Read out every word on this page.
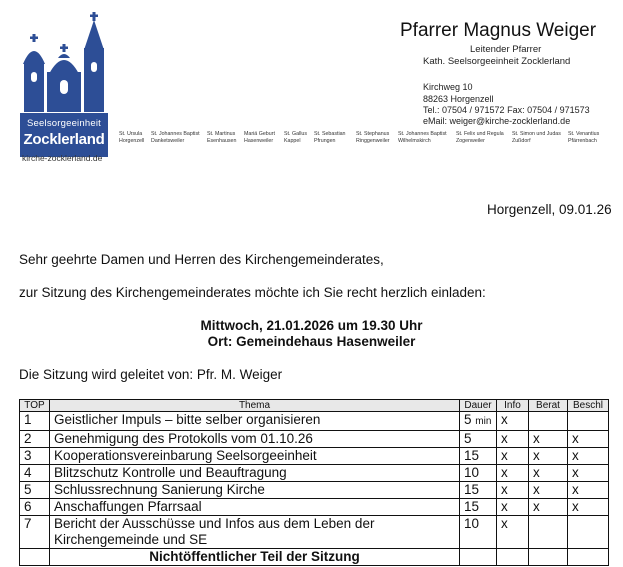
Seelsorgeeinheit
Zocklerland
kirche-zocklerland.de
St. Ursula
Horgenzell
St. Johannes Baptist
Danketsweiler
St. Martinus
Esenhausen
Mariä Geburt
Hasenweiler
St. Gallus
Kappel
St. Sebastian
Pfrungen
St. Stephanus
Ringgenweiler
St. Johannes Baptist
Wilhelmskirch
St. Felix und Regula
Zogenweiler
St. Simon und Judas
Zußdorf
St. Venantius
Pfärrenbach
Pfarrer Magnus Weiger
Leitender Pfarrer
Kath. Seelsorgeeinheit Zocklerland
Kirchweg 10
88263 Horgenzell
Tel.: 07504 / 971572 Fax: 07504 / 971573
eMail: weiger@kirche-zocklerland.de
Horgenzell, 09.01.26
Sehr geehrte Damen und Herren des Kirchengemeinderates,
zur Sitzung des Kirchengemeinderates möchte ich Sie recht herzlich einladen:
Mittwoch, 21.01.2026 um 19.30 Uhr
Ort: Gemeindehaus Hasenweiler
Die Sitzung wird geleitet von: Pfr. M. Weiger
TOP	Thema	Dauer	Info	Berat	Beschl
1	Geistlicher Impuls – bitte selber organisieren	5 min	x		
2	Genehmigung des Protokolls vom 01.10.26	5	x	x	x
3	Kooperationsvereinbarung Seelsorgeeinheit	15	x	x	x
4	Blitzschutz Kontrolle und Beauftragung	10	x	x	x
5	Schlussrechnung Sanierung Kirche	15	x	x	x
6	Anschaffungen Pfarrsaal	15	x	x	x
7	Bericht der Ausschüsse und Infos aus dem Leben der Kirchengemeinde und SE	10	x		
	Nichtöffentlicher Teil der Sitzung				
